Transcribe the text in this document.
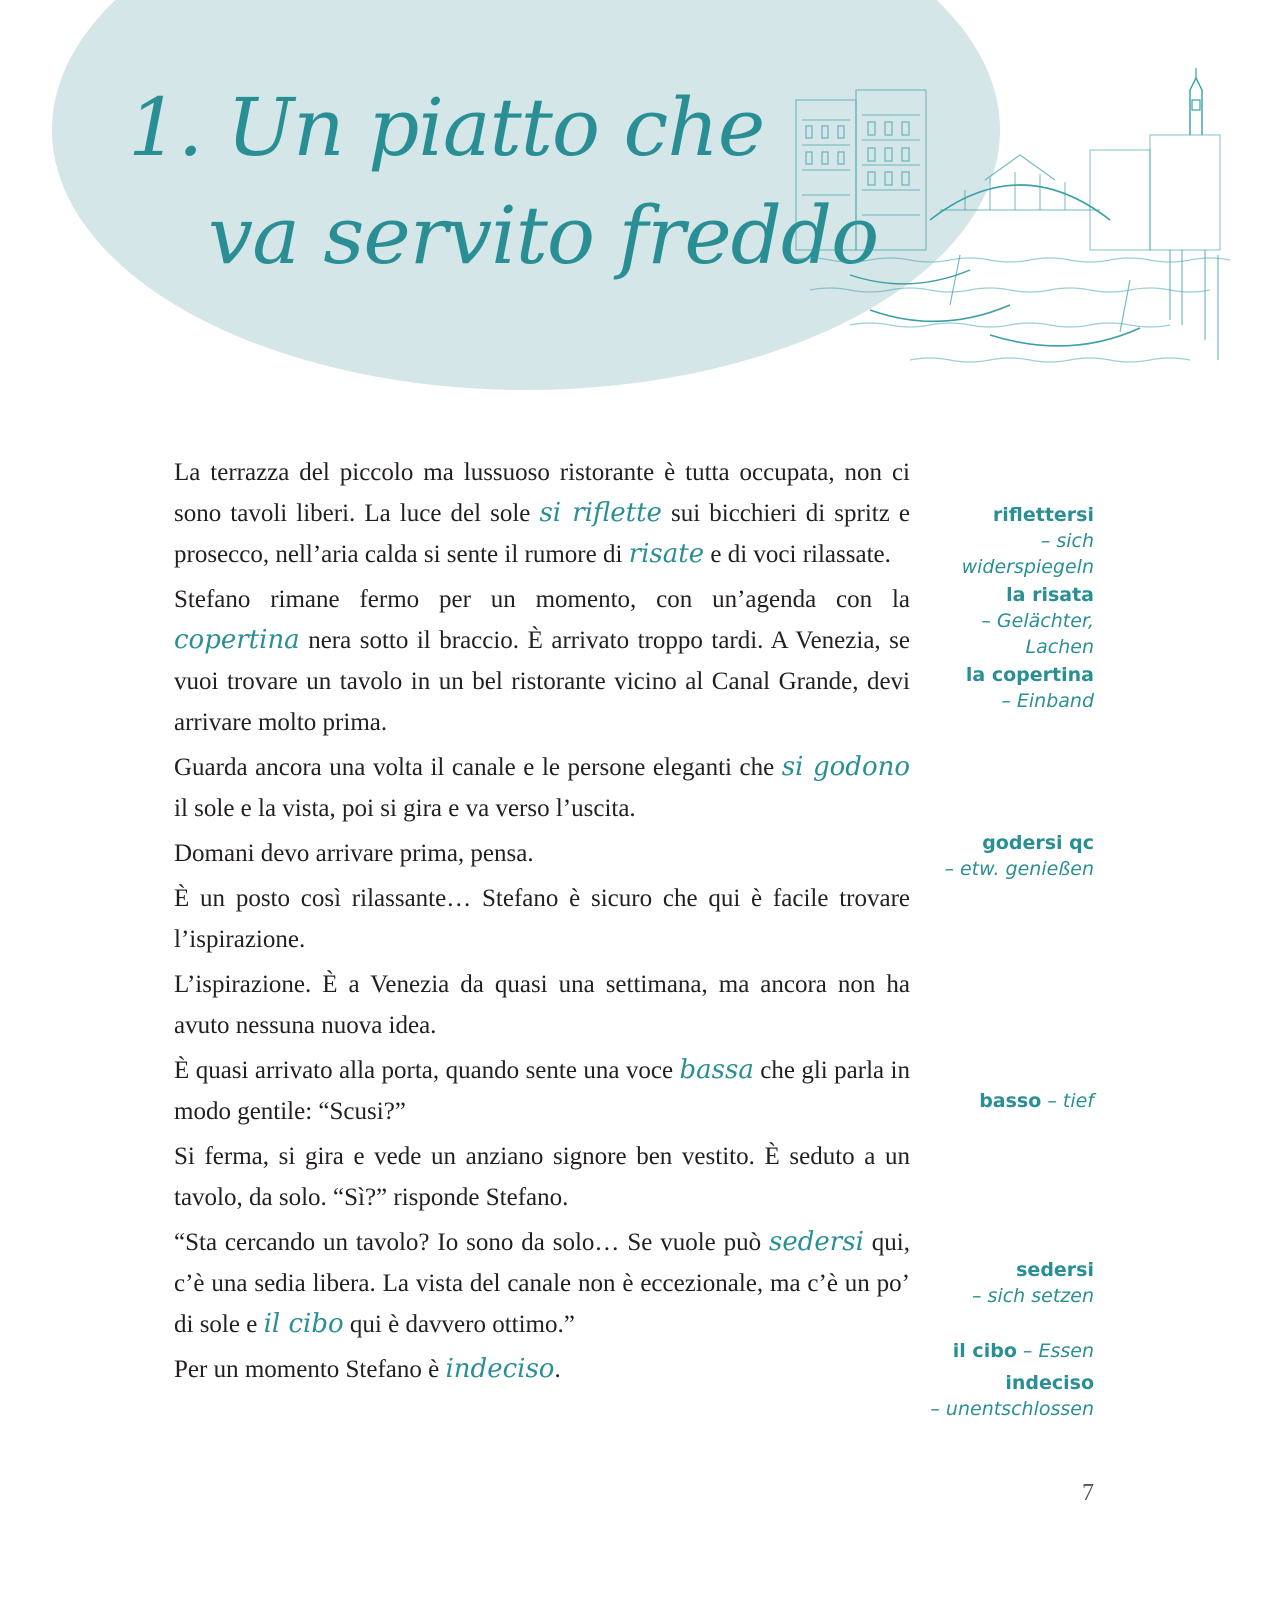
1. Un piatto che
va servito freddo

La terrazza del piccolo ma lussuoso ristorante è tutta occupata, non ci sono tavoli liberi. La luce del sole si riflette sui bicchieri di spritz e prosecco, nell’aria calda si sente il rumore di risate e di voci rilassate.

Stefano rimane fermo per un momento, con un’agenda con la copertina nera sotto il braccio. È arrivato troppo tardi. A Venezia, se vuoi trovare un tavolo in un bel ristorante vicino al Canal Grande, devi arrivare molto prima.

Guarda ancora una volta il canale e le persone eleganti che si godono il sole e la vista, poi si gira e va verso l’uscita.

Domani devo arrivare prima, pensa.

È un posto così rilassante… Stefano è sicuro che qui è facile trovare l’ispirazione.

L’ispirazione. È a Venezia da quasi una settimana, ma ancora non ha avuto nessuna nuova idea.

È quasi arrivato alla porta, quando sente una voce bassa che gli parla in modo gentile: “Scusi?”

Si ferma, si gira e vede un anziano signore ben vestito. È seduto a un tavolo, da solo. “Sì?” risponde Stefano.

“Sta cercando un tavolo? Io sono da solo… Se vuole può sedersi qui, c’è una sedia libera. La vista del canale non è eccezionale, ma c’è un po’ di sole e il cibo qui è davvero ottimo.”

Per un momento Stefano è indeciso.

riflettersi
– sich widerspiegeln
la risata
– Gelächter, Lachen
la copertina
– Einband
godersi qc
– etw. genießen
basso – tief
sedersi
– sich setzen
il cibo – Essen
indeciso
– unentschlossen
7
